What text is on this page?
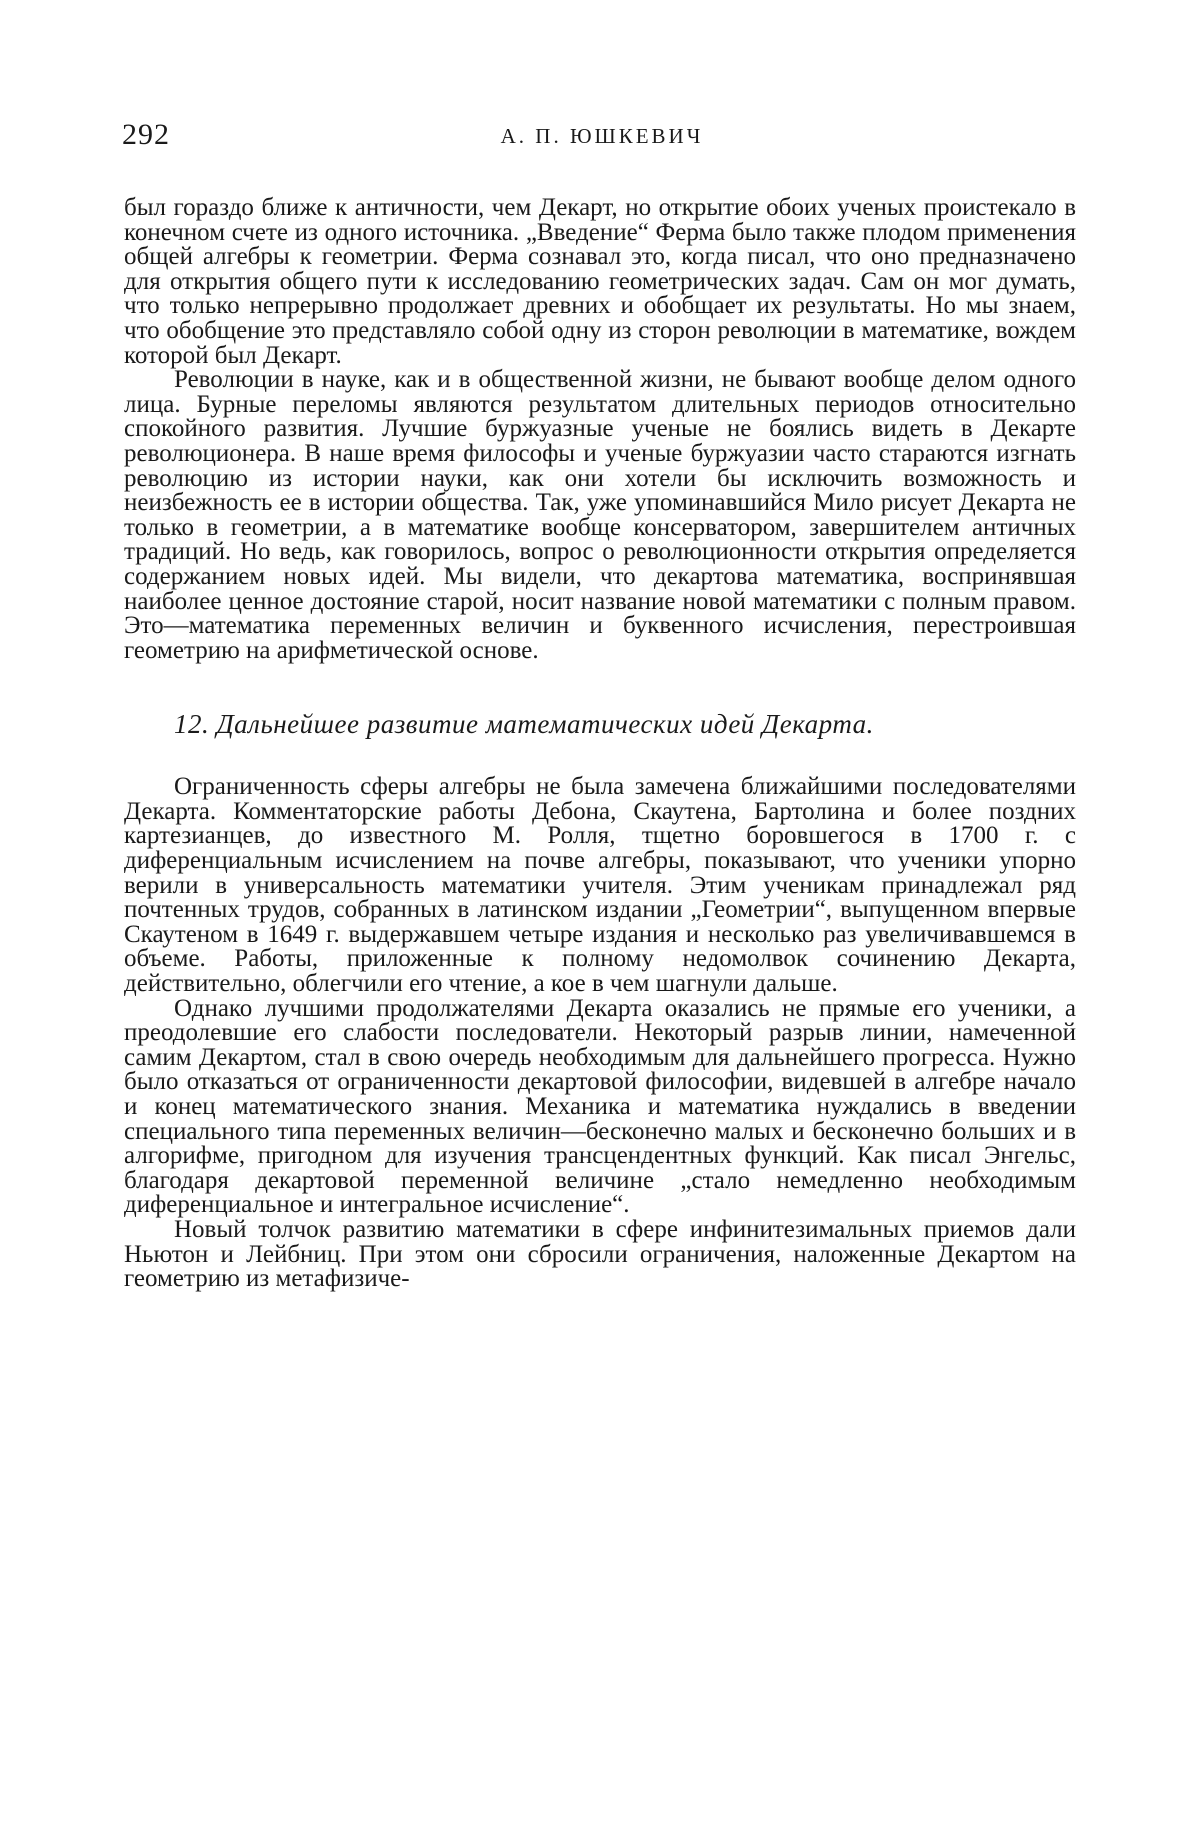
292	А. П. ЮШКЕВИЧ

был гораздо ближе к античности, чем Декарт, но открытие обоих ученых проистекало в конечном счете из одного источника. „Введение“ Ферма было также плодом применения общей алгебры к геометрии. Ферма сознавал это, когда писал, что оно предназначено для открытия общего пути к исследованию геометрических задач. Сам он мог думать, что только непрерывно продолжает древних и обобщает их результаты. Но мы знаем, что обобщение это представляло собой одну из сторон революции в математике, вождем которой был Декарт.

Революции в науке, как и в общественной жизни, не бывают вообще делом одного лица. Бурные переломы являются результатом длительных периодов относительно спокойного развития. Лучшие буржуазные ученые не боялись видеть в Декарте революционера. В наше время философы и ученые буржуазии часто стараются изгнать революцию из истории науки, как они хотели бы исключить возможность и неизбежность ее в истории общества. Так, уже упоминавшийся Мило рисует Декарта не только в геометрии, а в математике вообще консерватором, завершителем античных традиций. Но ведь, как говорилось, вопрос о революционности открытия определяется содержанием новых идей. Мы видели, что декартова математика, воспринявшая наиболее ценное достояние старой, носит название новой математики с полным правом. Это—математика переменных величин и буквенного исчисления, перестроившая геометрию на арифметической основе.

12. Дальнейшее развитие математических идей Декарта.

Ограниченность сферы алгебры не была замечена ближайшими последователями Декарта. Комментаторские работы Дебона, Скаутена, Бартолина и более поздних картезианцев, до известного М. Ролля, тщетно боровшегося в 1700 г. с диференциальным исчислением на почве алгебры, показывают, что ученики упорно верили в универсальность математики учителя. Этим ученикам принадлежал ряд почтенных трудов, собранных в латинском издании „Геометрии“, выпущенном впервые Скаутеном в 1649 г. выдержавшем четыре издания и несколько раз увеличивавшемся в объеме. Работы, приложенные к полному недомолвок сочинению Декарта, действительно, облегчили его чтение, а кое в чем шагнули дальше.

Однако лучшими продолжателями Декарта оказались не прямые его ученики, а преодолевшие его слабости последователи. Некоторый разрыв линии, намеченной самим Декартом, стал в свою очередь необходимым для дальнейшего прогресса. Нужно было отказаться от ограниченности декартовой философии, видевшей в алгебре начало и конец математического знания. Механика и математика нуждались в введении специального типа переменных величин—бесконечно малых и бесконечно больших и в алгорифме, пригодном для изучения трансцендентных функций. Как писал Энгельс, благодаря декартовой переменной величине „стало немедленно необходимым диференциальное и интегральное исчисление“.

Новый толчок развитию математики в сфере инфинитезимальных приемов дали Ньютон и Лейбниц. При этом они сбросили ограничения, наложенные Декартом на геометрию из метафизиче-
